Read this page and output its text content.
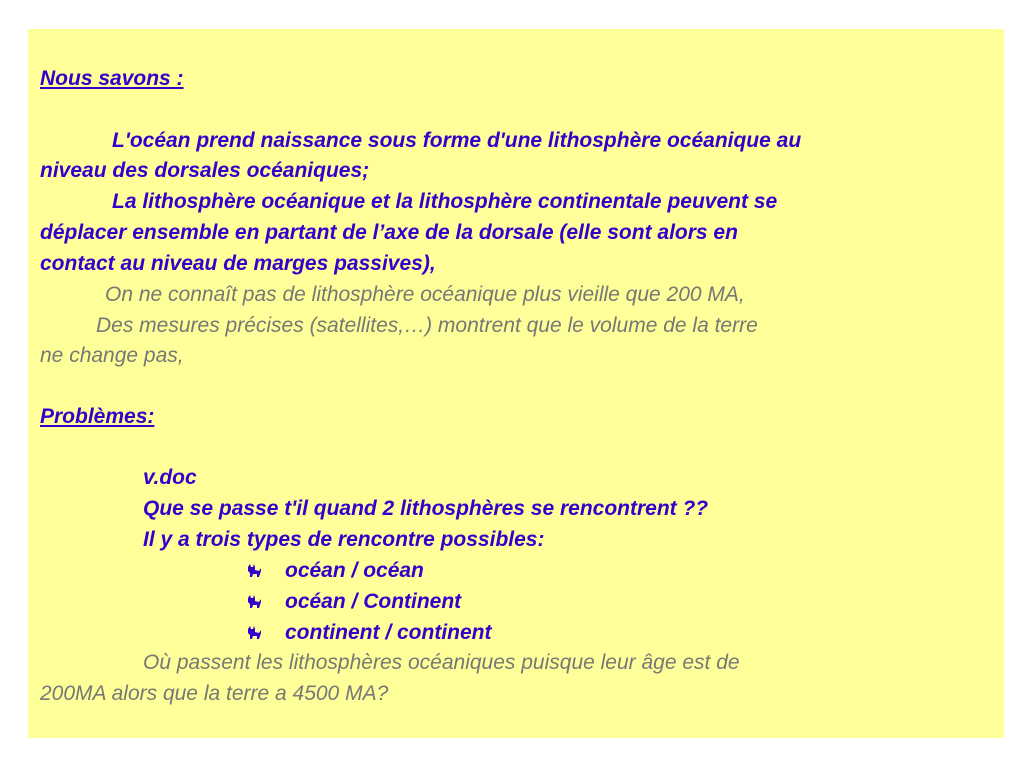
Nous savons :
L'océan prend naissance sous forme d'une lithosphère océanique au
niveau des dorsales océaniques;
La lithosphère océanique et la lithosphère continentale peuvent se
déplacer ensemble en partant de l’axe de la dorsale (elle sont alors en
contact au niveau de marges passives),
On ne connaît pas de lithosphère océanique plus vieille que 200 MA,
Des mesures précises (satellites,…) montrent que le volume de la terre
ne change pas,
Problèmes:
v.doc
Que se passe t'il quand 2 lithosphères se rencontrent ??
Il y a trois types de rencontre possibles:
océan / océan
océan / Continent
continent / continent
Où passent les lithosphères océaniques puisque leur âge est de
200MA alors que la terre a 4500 MA?
